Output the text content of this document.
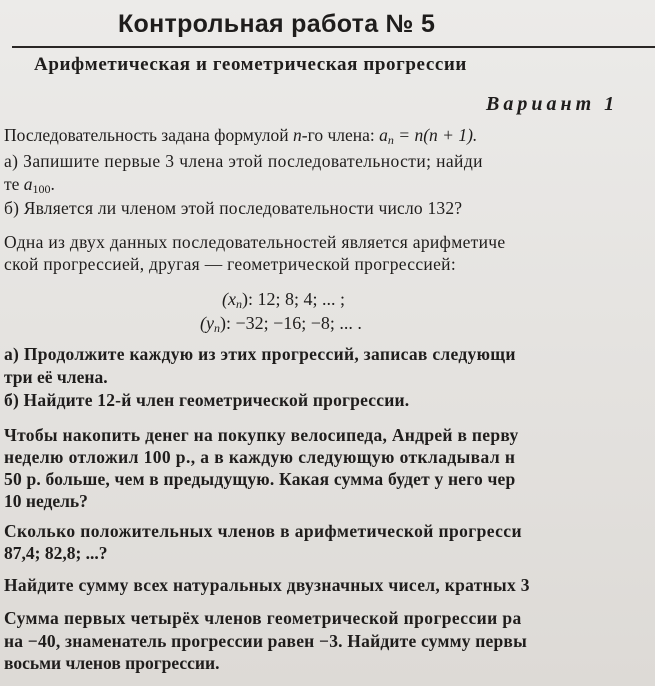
Контрольная работа № 5
Арифметическая и геометрическая прогрессии
Вариант 1
Последовательность задана формулой n-го члена: $a_n = n(n + 1)$.
а) Запишите первые 3 члена этой последовательности; найди
те $a_{100}$.
б) Является ли членом этой последовательности число 132?
Одна из двух данных последовательностей является арифметиче
ской прогрессией, другая — геометрической прогрессией:
$(x_n)$: 12; 8; 4; ... ;
$(y_n)$: −32; −16; −8; ... .
а) Продолжите каждую из этих прогрессий, записав следующи
три её члена.
б) Найдите 12-й член геометрической прогрессии.
Чтобы накопить денег на покупку велосипеда, Андрей в перву
неделю отложил 100 р., а в каждую следующую откладывал н
50 р. больше, чем в предыдущую. Какая сумма будет у него чер
10 недель?
Сколько положительных членов в арифметической прогресси
87,4; 82,8; ...?
Найдите сумму всех натуральных двузначных чисел, кратных 3
Сумма первых четырёх членов геометрической прогрессии ра
на −40, знаменатель прогрессии равен −3. Найдите сумму первы
восьми членов прогрессии.
